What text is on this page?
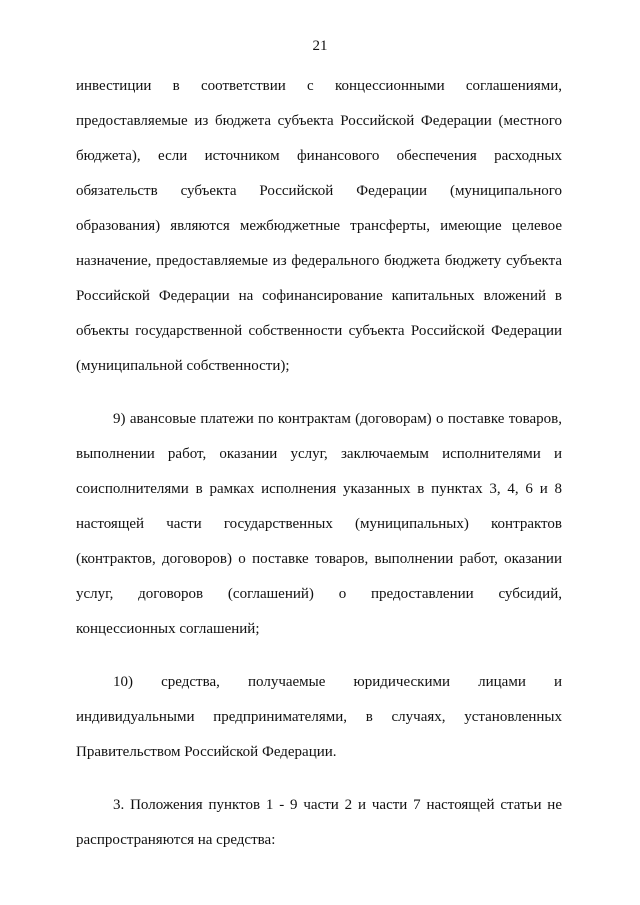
21
инвестиции в соответствии с концессионными соглашениями,
предоставляемые из бюджета субъекта Российской Федерации (местного
бюджета), если источником финансового обеспечения расходных
обязательств субъекта Российской Федерации (муниципального
образования) являются межбюджетные трансферты, имеющие целевое
назначение, предоставляемые из федерального бюджета бюджету субъекта
Российской Федерации на софинансирование капитальных вложений в
объекты государственной собственности субъекта Российской Федерации
(муниципальной собственности);
9) авансовые платежи по контрактам (договорам) о поставке товаров,
выполнении работ, оказании услуг, заключаемым исполнителями и
соисполнителями в рамках исполнения указанных в пунктах 3, 4, 6 и 8
настоящей части государственных (муниципальных) контрактов
(контрактов, договоров) о поставке товаров, выполнении работ, оказании
услуг, договоров (соглашений) о предоставлении субсидий,
концессионных соглашений;
10) средства, получаемые юридическими лицами и
индивидуальными предпринимателями, в случаях, установленных
Правительством Российской Федерации.
3. Положения пунктов 1 - 9 части 2 и части 7 настоящей статьи не
распространяются на средства:
